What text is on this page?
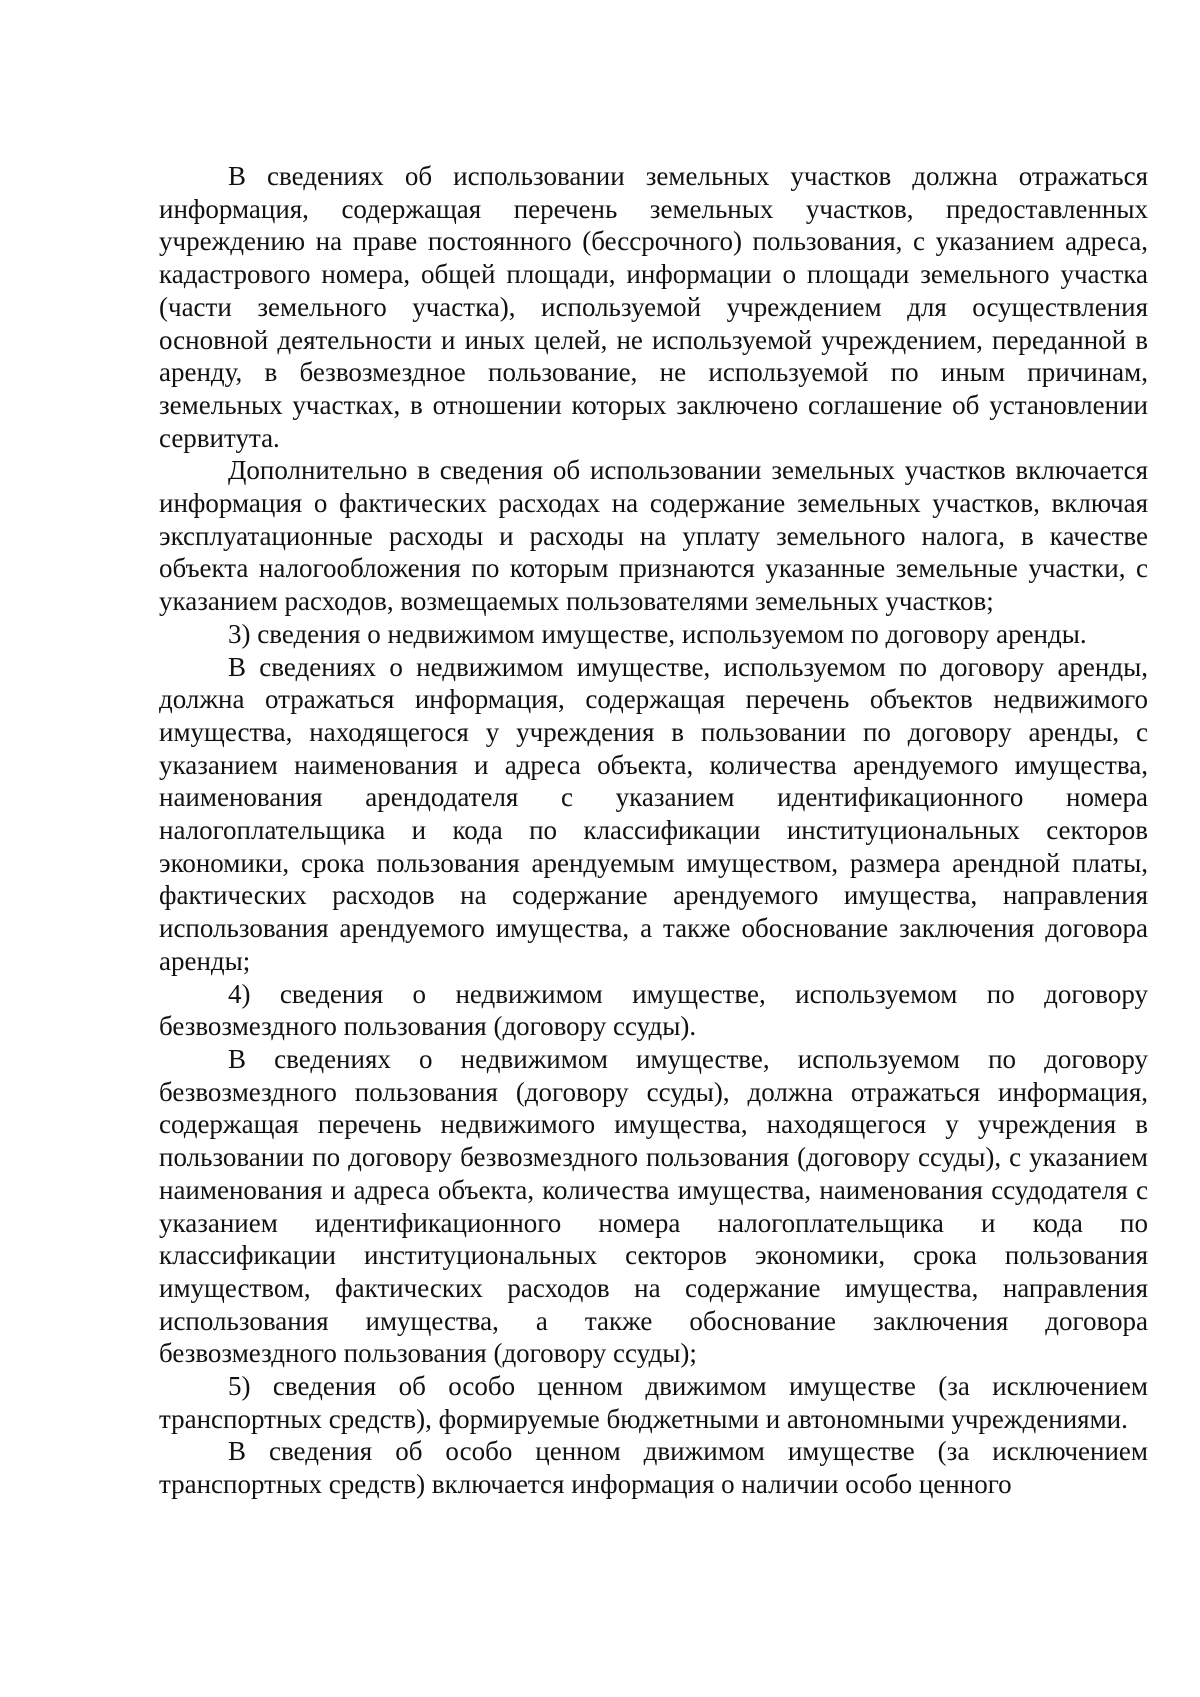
В сведениях об использовании земельных участков должна отражаться информация, содержащая перечень земельных участков, предоставленных учреждению на праве постоянного (бессрочного) пользования, с указанием адреса, кадастрового номера, общей площади, информации о площади земельного участка (части земельного участка), используемой учреждением для осуществления основной деятельности и иных целей, не используемой учреждением, переданной в аренду, в безвозмездное пользование, не используемой по иным причинам, земельных участках, в отношении которых заключено соглашение об установлении сервитута.

Дополнительно в сведения об использовании земельных участков включается информация о фактических расходах на содержание земельных участков, включая эксплуатационные расходы и расходы на уплату земельного налога, в качестве объекта налогообложения по которым признаются указанные земельные участки, с указанием расходов, возмещаемых пользователями земельных участков;

3) сведения о недвижимом имуществе, используемом по договору аренды.

В сведениях о недвижимом имуществе, используемом по договору аренды, должна отражаться информация, содержащая перечень объектов недвижимого имущества, находящегося у учреждения в пользовании по договору аренды, с указанием наименования и адреса объекта, количества арендуемого имущества, наименования арендодателя с указанием идентификационного номера налогоплательщика и кода по классификации институциональных секторов экономики, срока пользования арендуемым имуществом, размера арендной платы, фактических расходов на содержание арендуемого имущества, направления использования арендуемого имущества, а также обоснование заключения договора аренды;

4) сведения о недвижимом имуществе, используемом по договору безвозмездного пользования (договору ссуды).

В сведениях о недвижимом имуществе, используемом по договору безвозмездного пользования (договору ссуды), должна отражаться информация, содержащая перечень недвижимого имущества, находящегося у учреждения в пользовании по договору безвозмездного пользования (договору ссуды), с указанием наименования и адреса объекта, количества имущества, наименования ссудодателя с указанием идентификационного номера налогоплательщика и кода по классификации институциональных секторов экономики, срока пользования имуществом, фактических расходов на содержание имущества, направления использования имущества, а также обоснование заключения договора безвозмездного пользования (договору ссуды);

5) сведения об особо ценном движимом имуществе (за исключением транспортных средств), формируемые бюджетными и автономными учреждениями.

В сведения об особо ценном движимом имуществе (за исключением транспортных средств) включается информация о наличии особо ценного
